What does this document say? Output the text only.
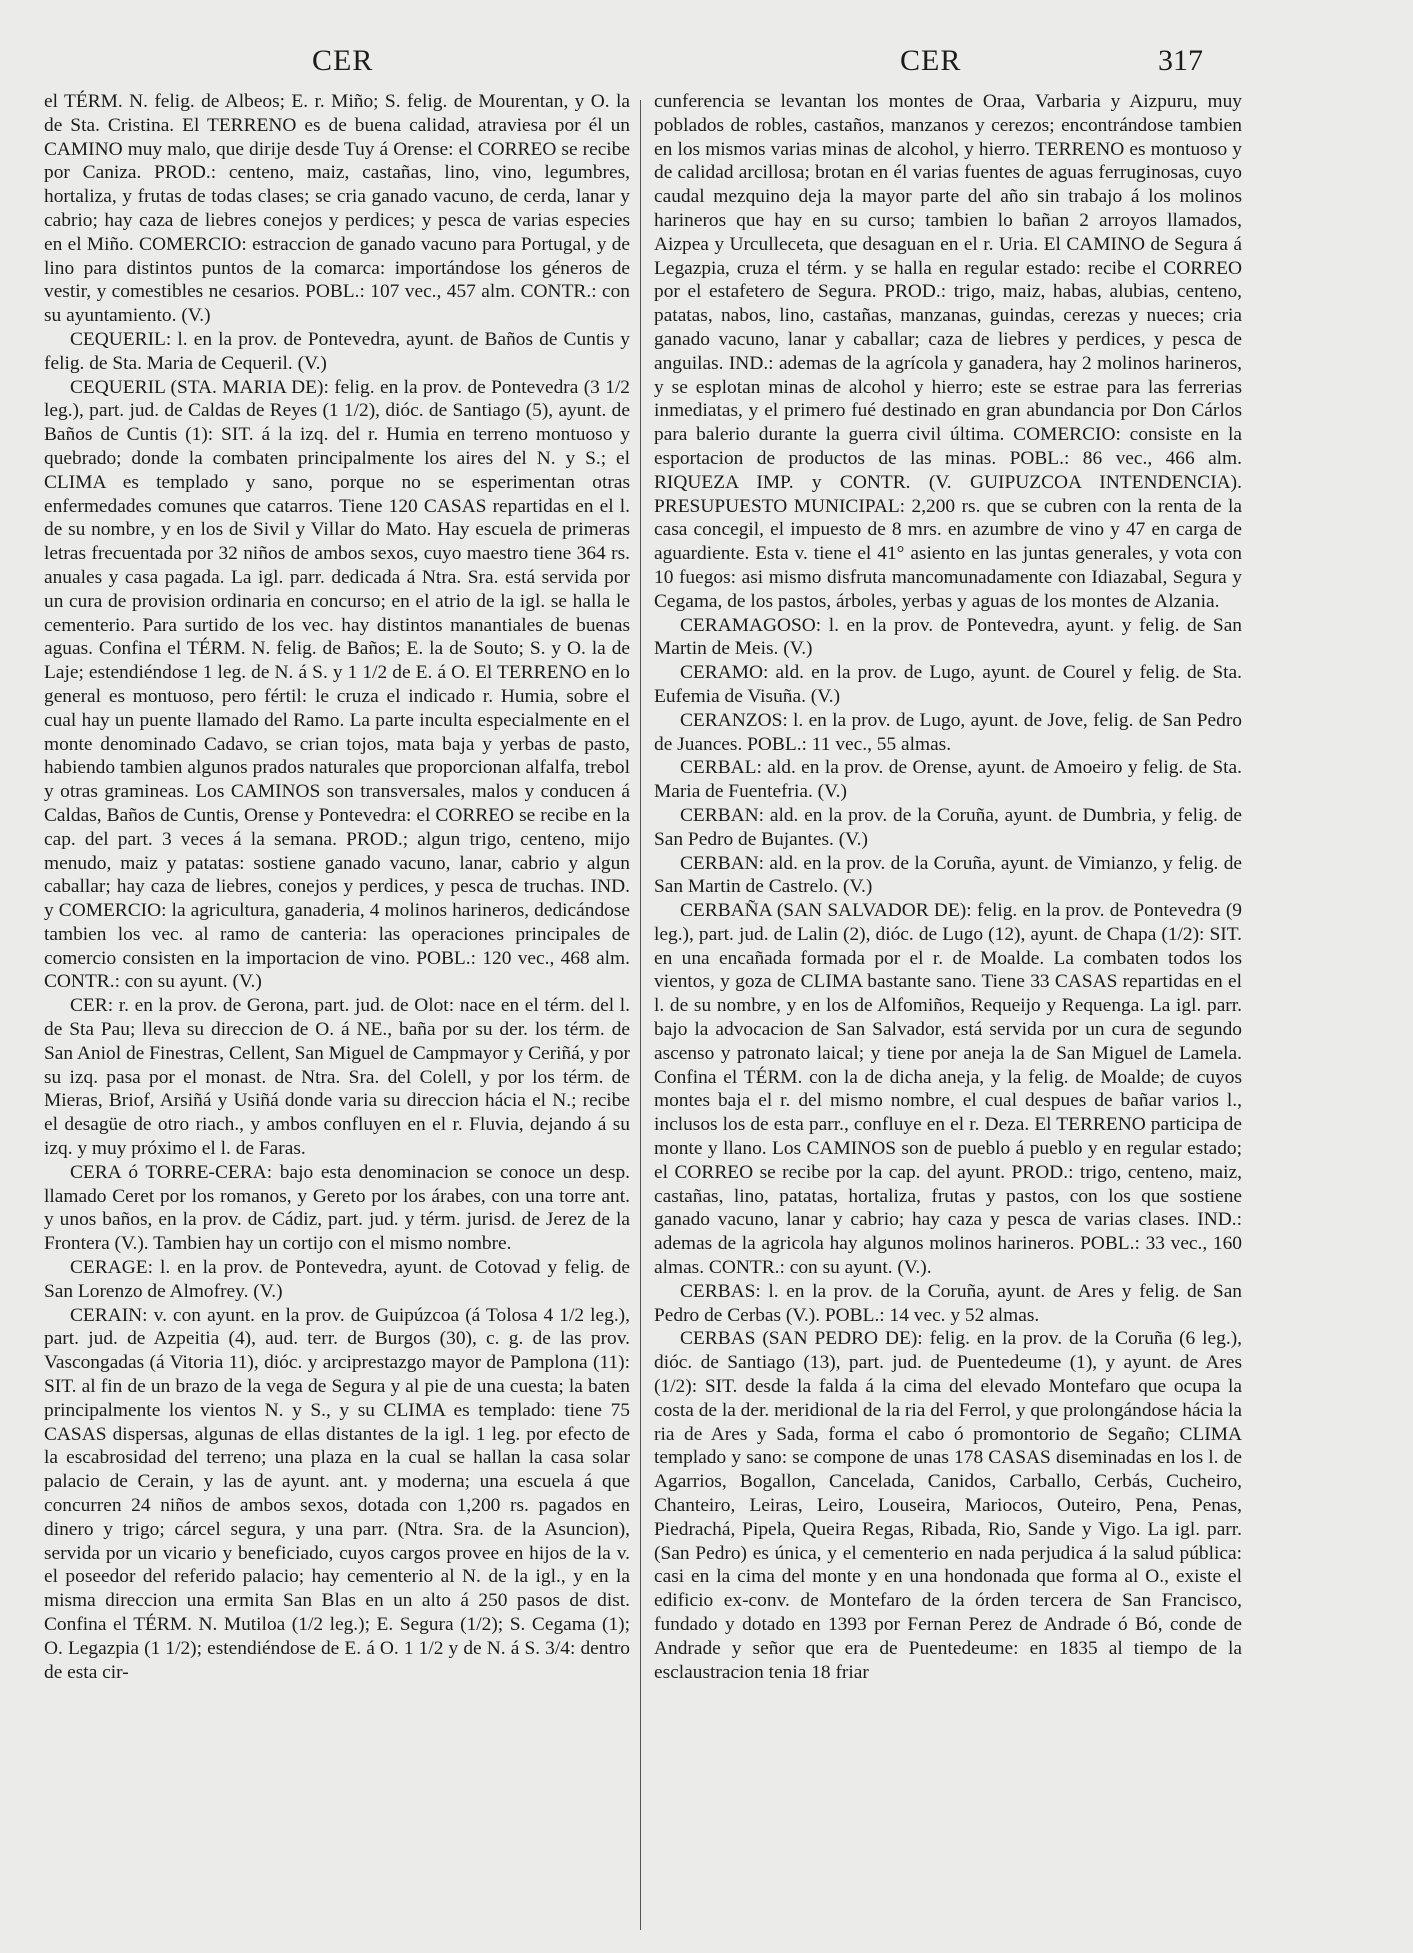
CER	CER	317

el TÉRM. N. felig. de Albeos; E. r. Miño; S. felig. de Mourentan, y O. la de Sta. Cristina. El TERRENO es de buena calidad, atraviesa por él un CAMINO muy malo, que dirije desde Tuy á Orense: el CORREO se recibe por Caniza. PROD.: centeno, maiz, castañas, lino, vino, legumbres, hortaliza, y frutas de todas clases; se cria ganado vacuno, de cerda, lanar y cabrio; hay caza de liebres conejos y perdices; y pesca de varias especies en el Miño. COMERCIO: estraccion de ganado vacuno para Portugal, y de lino para distintos puntos de la comarca: importándose los géneros de vestir, y comestibles ne cesarios. POBL.: 107 vec., 457 alm. CONTR.: con su ayuntamiento. (V.)

CEQUERIL: l. en la prov. de Pontevedra, ayunt. de Baños de Cuntis y felig. de Sta. Maria de Cequeril. (V.)

CEQUERIL (STA. MARIA DE): felig. en la prov. de Pontevedra (3 1/2 leg.), part. jud. de Caldas de Reyes (1 1/2), dióc. de Santiago (5), ayunt. de Baños de Cuntis (1): SIT. á la izq. del r. Humia en terreno montuoso y quebrado; donde la combaten principalmente los aires del N. y S.; el CLIMA es templado y sano, porque no se esperimentan otras enfermedades comunes que catarros. Tiene 120 CASAS repartidas en el l. de su nombre, y en los de Sivil y Villar do Mato. Hay escuela de primeras letras frecuentada por 32 niños de ambos sexos, cuyo maestro tiene 364 rs. anuales y casa pagada. La igl. parr. dedicada á Ntra. Sra. está servida por un cura de provision ordinaria en concurso; en el atrio de la igl. se halla le cementerio. Para surtido de los vec. hay distintos manantiales de buenas aguas. Confina el TÉRM. N. felig. de Baños; E. la de Souto; S. y O. la de Laje; estendiéndose 1 leg. de N. á S. y 1 1/2 de E. á O. El TERRENO en lo general es montuoso, pero fértil: le cruza el indicado r. Humia, sobre el cual hay un puente llamado del Ramo. La parte inculta especialmente en el monte denominado Cadavo, se crian tojos, mata baja y yerbas de pasto, habiendo tambien algunos prados naturales que proporcionan alfalfa, trebol y otras gramineas. Los CAMINOS son transversales, malos y conducen á Caldas, Baños de Cuntis, Orense y Pontevedra: el CORREO se recibe en la cap. del part. 3 veces á la semana. PROD.; algun trigo, centeno, mijo menudo, maiz y patatas: sostiene ganado vacuno, lanar, cabrio y algun caballar; hay caza de liebres, conejos y perdices, y pesca de truchas. IND. y COMERCIO: la agricultura, ganaderia, 4 molinos harineros, dedicándose tambien los vec. al ramo de canteria: las operaciones principales de comercio consisten en la importacion de vino. POBL.: 120 vec., 468 alm. CONTR.: con su ayunt. (V.)

CER: r. en la prov. de Gerona, part. jud. de Olot: nace en el térm. del l. de Sta Pau; lleva su direccion de O. á NE., baña por su der. los térm. de San Aniol de Finestras, Cellent, San Miguel de Campmayor y Ceriñá, y por su izq. pasa por el monast. de Ntra. Sra. del Colell, y por los térm. de Mieras, Briof, Arsiñá y Usiñá donde varia su direccion hácia el N.; recibe el desagüe de otro riach., y ambos confluyen en el r. Fluvia, dejando á su izq. y muy próximo el l. de Faras.

CERA ó TORRE-CERA: bajo esta denominacion se conoce un desp. llamado Ceret por los romanos, y Gereto por los árabes, con una torre ant. y unos baños, en la prov. de Cádiz, part. jud. y térm. jurisd. de Jerez de la Frontera (V.). Tambien hay un cortijo con el mismo nombre.

CERAGE: l. en la prov. de Pontevedra, ayunt. de Cotovad y felig. de San Lorenzo de Almofrey. (V.)

CERAIN: v. con ayunt. en la prov. de Guipúzcoa (á Tolosa 4 1/2 leg.), part. jud. de Azpeitia (4), aud. terr. de Burgos (30), c. g. de las prov. Vascongadas (á Vitoria 11), dióc. y arciprestazgo mayor de Pamplona (11): SIT. al fin de un brazo de la vega de Segura y al pie de una cuesta; la baten principalmente los vientos N. y S., y su CLIMA es templado: tiene 75 CASAS dispersas, algunas de ellas distantes de la igl. 1 leg. por efecto de la escabrosidad del terreno; una plaza en la cual se hallan la casa solar palacio de Cerain, y las de ayunt. ant. y moderna; una escuela á que concurren 24 niños de ambos sexos, dotada con 1,200 rs. pagados en dinero y trigo; cárcel segura, y una parr. (Ntra. Sra. de la Asuncion), servida por un vicario y beneficiado, cuyos cargos provee en hijos de la v. el poseedor del referido palacio; hay cementerio al N. de la igl., y en la misma direccion una ermita San Blas en un alto á 250 pasos de dist. Confina el TÉRM. N. Mutiloa (1/2 leg.); E. Segura (1/2); S. Cegama (1); O. Legazpia (1 1/2); estendiéndose de E. á O. 1 1/2 y de N. á S. 3/4: dentro de esta cir-

cunferencia se levantan los montes de Oraa, Varbaria y Aizpuru, muy poblados de robles, castaños, manzanos y cerezos; encontrándose tambien en los mismos varias minas de alcohol, y hierro. TERRENO es montuoso y de calidad arcillosa; brotan en él varias fuentes de aguas ferruginosas, cuyo caudal mezquino deja la mayor parte del año sin trabajo á los molinos harineros que hay en su curso; tambien lo bañan 2 arroyos llamados, Aizpea y Urculleceta, que desaguan en el r. Uria. El CAMINO de Segura á Legazpia, cruza el térm. y se halla en regular estado: recibe el CORREO por el estafetero de Segura. PROD.: trigo, maiz, habas, alubias, centeno, patatas, nabos, lino, castañas, manzanas, guindas, cerezas y nueces; cria ganado vacuno, lanar y caballar; caza de liebres y perdices, y pesca de anguilas. IND.: ademas de la agrícola y ganadera, hay 2 molinos harineros, y se esplotan minas de alcohol y hierro; este se estrae para las ferrerias inmediatas, y el primero fué destinado en gran abundancia por Don Cárlos para balerio durante la guerra civil última. COMERCIO: consiste en la esportacion de productos de las minas. POBL.: 86 vec., 466 alm. RIQUEZA IMP. y CONTR. (V. GUIPUZCOA INTENDENCIA). PRESUPUESTO MUNICIPAL: 2,200 rs. que se cubren con la renta de la casa concegil, el impuesto de 8 mrs. en azumbre de vino y 47 en carga de aguardiente. Esta v. tiene el 41° asiento en las juntas generales, y vota con 10 fuegos: asi mismo disfruta mancomunadamente con Idiazabal, Segura y Cegama, de los pastos, árboles, yerbas y aguas de los montes de Alzania.

CERAMAGOSO: l. en la prov. de Pontevedra, ayunt. y felig. de San Martin de Meis. (V.)

CERAMO: ald. en la prov. de Lugo, ayunt. de Courel y felig. de Sta. Eufemia de Visuña. (V.)

CERANZOS: l. en la prov. de Lugo, ayunt. de Jove, felig. de San Pedro de Juances. POBL.: 11 vec., 55 almas.

CERBAL: ald. en la prov. de Orense, ayunt. de Amoeiro y felig. de Sta. Maria de Fuentefria. (V.)

CERBAN: ald. en la prov. de la Coruña, ayunt. de Dumbria, y felig. de San Pedro de Bujantes. (V.)

CERBAN: ald. en la prov. de la Coruña, ayunt. de Vimianzo, y felig. de San Martin de Castrelo. (V.)

CERBAÑA (SAN SALVADOR DE): felig. en la prov. de Pontevedra (9 leg.), part. jud. de Lalin (2), dióc. de Lugo (12), ayunt. de Chapa (1/2): SIT. en una encañada formada por el r. de Moalde. La combaten todos los vientos, y goza de CLIMA bastante sano. Tiene 33 CASAS repartidas en el l. de su nombre, y en los de Alfomiños, Requeijo y Requenga. La igl. parr. bajo la advocacion de San Salvador, está servida por un cura de segundo ascenso y patronato laical; y tiene por aneja la de San Miguel de Lamela. Confina el TÉRM. con la de dicha aneja, y la felig. de Moalde; de cuyos montes baja el r. del mismo nombre, el cual despues de bañar varios l., inclusos los de esta parr., confluye en el r. Deza. El TERRENO participa de monte y llano. Los CAMINOS son de pueblo á pueblo y en regular estado; el CORREO se recibe por la cap. del ayunt. PROD.: trigo, centeno, maiz, castañas, lino, patatas, hortaliza, frutas y pastos, con los que sostiene ganado vacuno, lanar y cabrio; hay caza y pesca de varias clases. IND.: ademas de la agricola hay algunos molinos harineros. POBL.: 33 vec., 160 almas. CONTR.: con su ayunt. (V.).

CERBAS: l. en la prov. de la Coruña, ayunt. de Ares y felig. de San Pedro de Cerbas (V.). POBL.: 14 vec. y 52 almas.

CERBAS (SAN PEDRO DE): felig. en la prov. de la Coruña (6 leg.), dióc. de Santiago (13), part. jud. de Puentedeume (1), y ayunt. de Ares (1/2): SIT. desde la falda á la cima del elevado Montefaro que ocupa la costa de la der. meridional de la ria del Ferrol, y que prolongándose hácia la ria de Ares y Sada, forma el cabo ó promontorio de Segaño; CLIMA templado y sano: se compone de unas 178 CASAS diseminadas en los l. de Agarrios, Bogallon, Cancelada, Canidos, Carballo, Cerbás, Cucheiro, Chanteiro, Leiras, Leiro, Louseira, Mariocos, Outeiro, Pena, Penas, Piedrachá, Pipela, Queira Regas, Ribada, Rio, Sande y Vigo. La igl. parr. (San Pedro) es única, y el cementerio en nada perjudica á la salud pública: casi en la cima del monte y en una hondonada que forma al O., existe el edificio ex-conv. de Montefaro de la órden tercera de San Francisco, fundado y dotado en 1393 por Fernan Perez de Andrade ó Bó, conde de Andrade y señor que era de Puentedeume: en 1835 al tiempo de la esclaustracion tenia 18 friar
